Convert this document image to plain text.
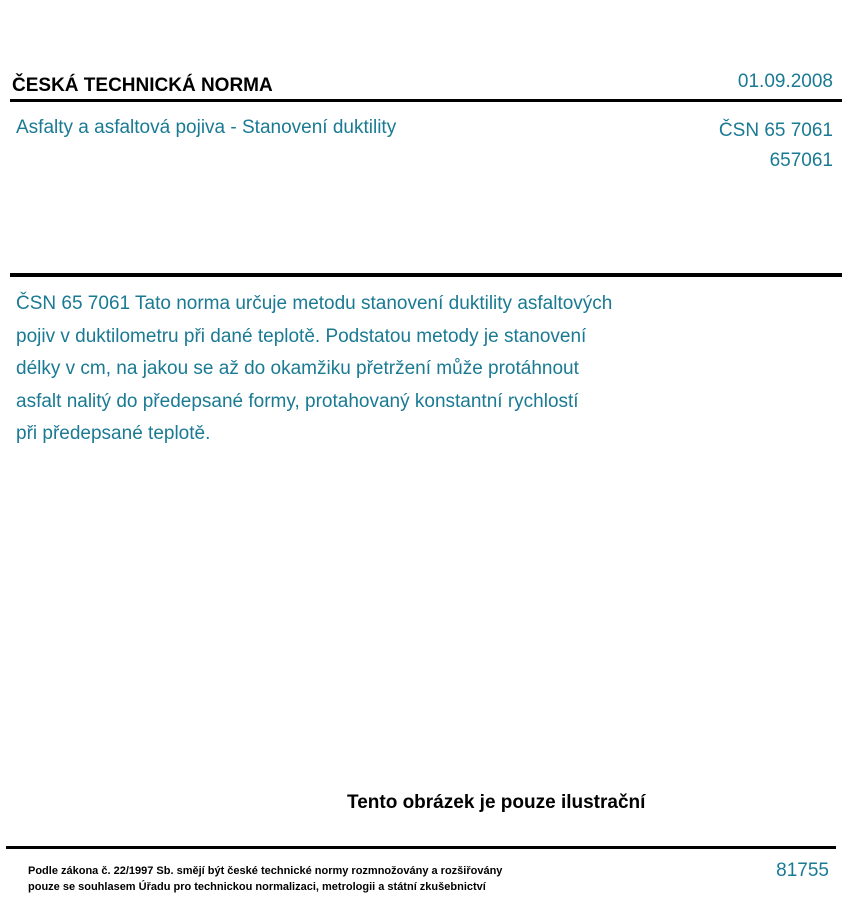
ČESKÁ TECHNICKÁ NORMA	01.09.2008
Asfalty a asfaltová pojiva - Stanovení duktility	ČSN 65 7061
657061
ČSN 65 7061 Tato norma určuje metodu stanovení duktility asfaltových
pojiv v duktilometru při dané teplotě. Podstatou metody je stanovení
délky v cm, na jakou se až do okamžiku přetržení může protáhnout
asfalt nalitý do předepsané formy, protahovaný konstantní rychlostí
při předepsané teplotě.
Tento obrázek je pouze ilustrační
Podle zákona č. 22/1997 Sb. smějí být české technické normy rozmnožovány a rozšiřovány
pouze se souhlasem Úřadu pro technickou normalizaci, metrologii a státní zkušebnictví
81755
